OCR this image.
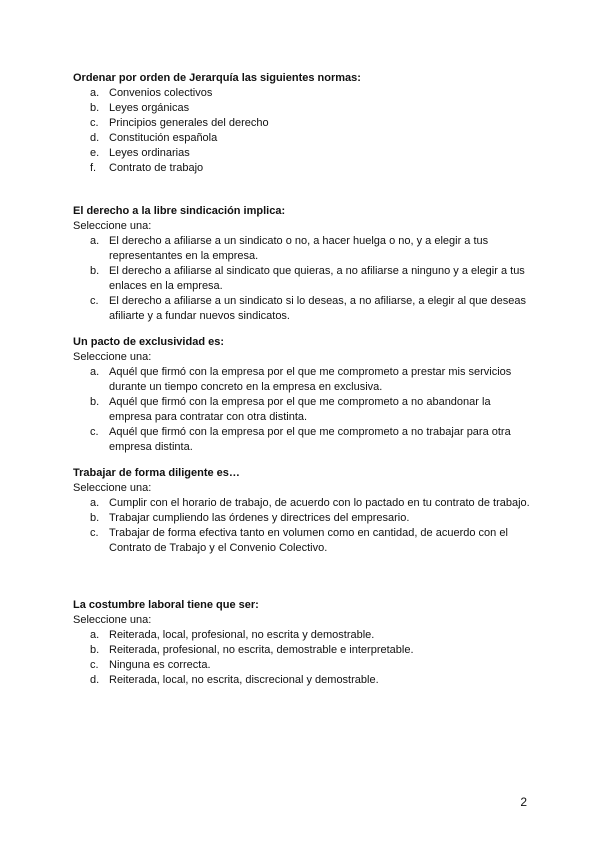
Ordenar por orden de Jerarquía las siguientes normas:

a. Convenios colectivos
b. Leyes orgánicas
c. Principios generales del derecho
d. Constitución española
e. Leyes ordinarias
f. Contrato de trabajo

El derecho a la libre sindicación implica:

Seleccione una:

a. El derecho a afiliarse a un sindicato o no, a hacer huelga o no, y a elegir a tus representantes en la empresa.
b. El derecho a afiliarse al sindicato que quieras, a no afiliarse a ninguno y a elegir a tus enlaces en la empresa.
c. El derecho a afiliarse a un sindicato si lo deseas, a no afiliarse, a elegir al que deseas afiliarte y a fundar nuevos sindicatos.

Un pacto de exclusividad es:

Seleccione una:

a. Aquél que firmó con la empresa por el que me comprometo a prestar mis servicios durante un tiempo concreto en la empresa en exclusiva.
b. Aquél que firmó con la empresa por el que me comprometo a no abandonar la empresa para contratar con otra distinta.
c. Aquél que firmó con la empresa por el que me comprometo a no trabajar para otra empresa distinta.

Trabajar de forma diligente es…

Seleccione una:

a. Cumplir con el horario de trabajo, de acuerdo con lo pactado en tu contrato de trabajo.
b. Trabajar cumpliendo las órdenes y directrices del empresario.
c. Trabajar de forma efectiva tanto en volumen como en cantidad, de acuerdo con el Contrato de Trabajo y el Convenio Colectivo.

La costumbre laboral tiene que ser:

Seleccione una:

a. Reiterada, local, profesional, no escrita y demostrable.
b. Reiterada, profesional, no escrita, demostrable e interpretable.
c. Ninguna es correcta.
d. Reiterada, local, no escrita, discrecional y demostrable.
2
